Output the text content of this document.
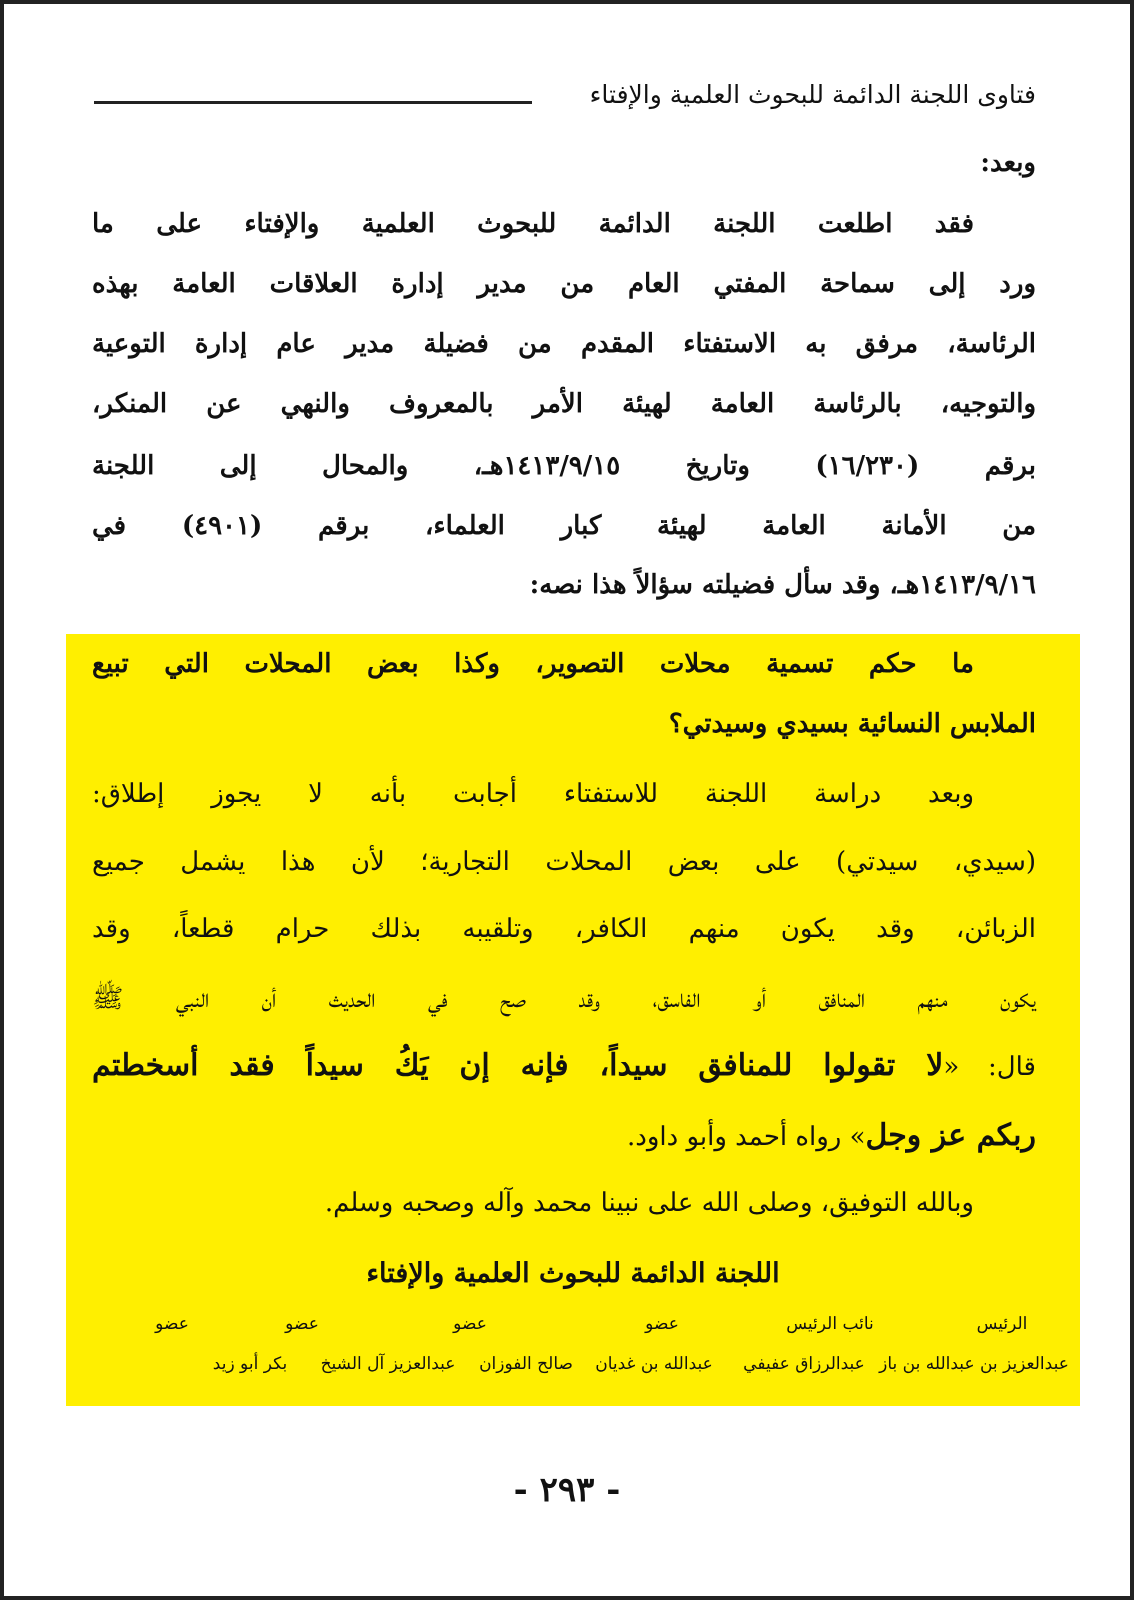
فتاوى اللجنة الدائمة للبحوث العلمية والإفتاء
وبعد:
فقد اطلعت اللجنة الدائمة للبحوث العلمية والإفتاء على ما
ورد إلى سماحة المفتي العام من مدير إدارة العلاقات العامة بهذه
الرئاسة، مرفق به الاستفتاء المقدم من فضيلة مدير عام إدارة التوعية
والتوجيه، بالرئاسة العامة لهيئة الأمر بالمعروف والنهي عن المنكر،
برقم (١٦/٢٣٠) وتاريخ ١٤١٣/٩/١٥هـ، والمحال إلى اللجنة
من الأمانة العامة لهيئة كبار العلماء، برقم (٤٩٠١) في
١٤١٣/٩/١٦هـ، وقد سأل فضيلته سؤالاً هذا نصه:
ما حكم تسمية محلات التصوير، وكذا بعض المحلات التي تبيع
الملابس النسائية بسيدي وسيدتي؟
وبعد دراسة اللجنة للاستفتاء أجابت بأنه لا يجوز إطلاق:
(سيدي، سيدتي) على بعض المحلات التجارية؛ لأن هذا يشمل جميع
الزبائن، وقد يكون منهم الكافر، وتلقيبه بذلك حرام قطعاً، وقد
يكون منهم المنافق أو الفاسق، وقد صح في الحديث أن النبي ﷺ
قال: «لا تقولوا للمنافق سيداً، فإنه إن يَكُ سيداً فقد أسخطتم
ربكم عز وجل» رواه أحمد وأبو داود.
وبالله التوفيق، وصلى الله على نبينا محمد وآله وصحبه وسلم.
اللجنة الدائمة للبحوث العلمية والإفتاء
الرئيس
عبدالعزيز بن عبدالله بن باز
نائب الرئيس
عبدالرزاق عفيفي
عضو
عبدالله بن غديان
عضو
صالح الفوزان
عضو
عبدالعزيز آل الشيخ
عضو
بكر أبو زيد
- ٢٩٣ -
